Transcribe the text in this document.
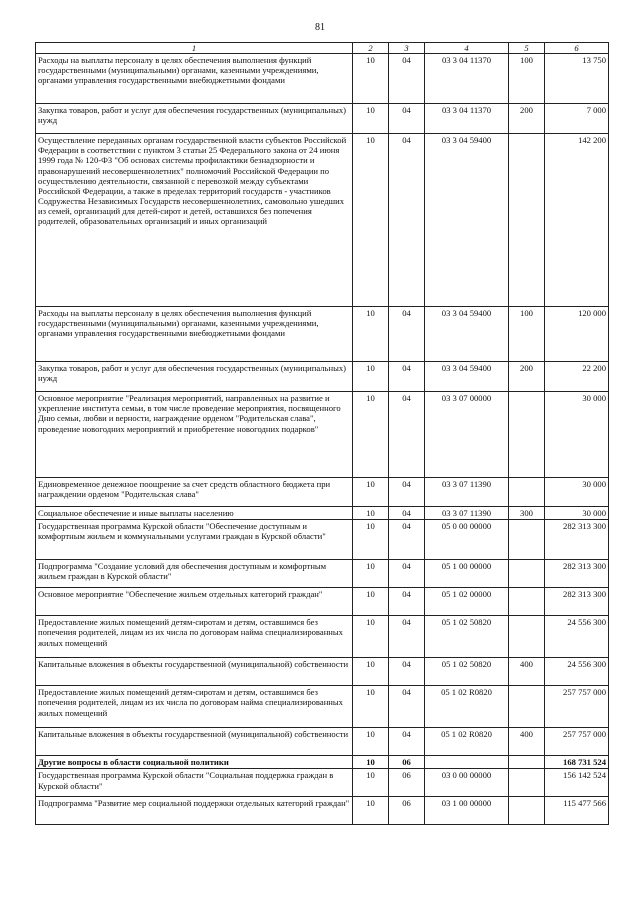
81
1	2	3	4	5	6
Расходы на выплаты персоналу в целях обеспечения выполнения функций государственными (муниципальными) органами, казенными учреждениями, органами управления государственными внебюджетными фондами	10	04	03 3 04 11370	100	13 750
Закупка товаров, работ и услуг для обеспечения государственных (муниципальных) нужд	10	04	03 3 04 11370	200	7 000
Осуществление переданных органам государственной власти субъектов Российской Федерации в соответствии с пунктом 3 статьи 25 Федерального закона от 24 июня 1999 года № 120-ФЗ "Об основах системы профилактики безнадзорности и правонарушений несовершеннолетних" полномочий Российской Федерации по осуществлению деятельности, связанной с перевозкой между субъектами Российской Федерации, а также в пределах территорий государств - участников Содружества Независимых Государств несовершеннолетних, самовольно ушедших из семей, организаций для детей-сирот и детей, оставшихся без попечения родителей, образовательных организаций и иных организаций	10	04	03 3 04 59400		142 200
Расходы на выплаты персоналу в целях обеспечения выполнения функций государственными (муниципальными) органами, казенными учреждениями, органами управления государственными внебюджетными фондами	10	04	03 3 04 59400	100	120 000
Закупка товаров, работ и услуг для обеспечения государственных (муниципальных) нужд	10	04	03 3 04 59400	200	22 200
Основное мероприятие "Реализация мероприятий, направленных на развитие и укрепление института семьи, в том числе проведение мероприятия, посвященного Дню семьи, любви и верности, награждение орденом "Родительская слава", проведение новогодних мероприятий и приобретение новогодних подарков"	10	04	03 3 07 00000		30 000
Единовременное денежное поощрение за счет средств областного бюджета при награждении орденом "Родительская слава"	10	04	03 3 07 11390		30 000
Социальное обеспечение и иные выплаты населению	10	04	03 3 07 11390	300	30 000
Государственная программа Курской области "Обеспечение доступным и комфортным жильем и коммунальными услугами граждан в Курской области"	10	04	05 0 00 00000		282 313 300
Подпрограмма "Создание условий для обеспечения доступным и комфортным жильем граждан в Курской области"	10	04	05 1 00 00000		282 313 300
Основное мероприятие "Обеспечение жильем отдельных категорий граждан"	10	04	05 1 02 00000		282 313 300
Предоставление жилых помещений детям-сиротам и детям, оставшимся без попечения родителей, лицам из их числа по договорам найма специализированных жилых помещений	10	04	05 1 02 50820		24 556 300
Капитальные вложения в объекты государственной (муниципальной) собственности	10	04	05 1 02 50820	400	24 556 300
Предоставление жилых помещений детям-сиротам и детям, оставшимся без попечения родителей, лицам из их числа по договорам найма специализированных жилых помещений	10	04	05 1 02 R0820		257 757 000
Капитальные вложения в объекты государственной (муниципальной) собственности	10	04	05 1 02 R0820	400	257 757 000
Другие вопросы в области социальной политики	10	06			168 731 524
Государственная программа Курской области "Социальная поддержка граждан в Курской области"	10	06	03 0 00 00000		156 142 524
Подпрограмма "Развитие мер социальной поддержки отдельных категорий граждан"	10	06	03 1 00 00000		115 477 566
